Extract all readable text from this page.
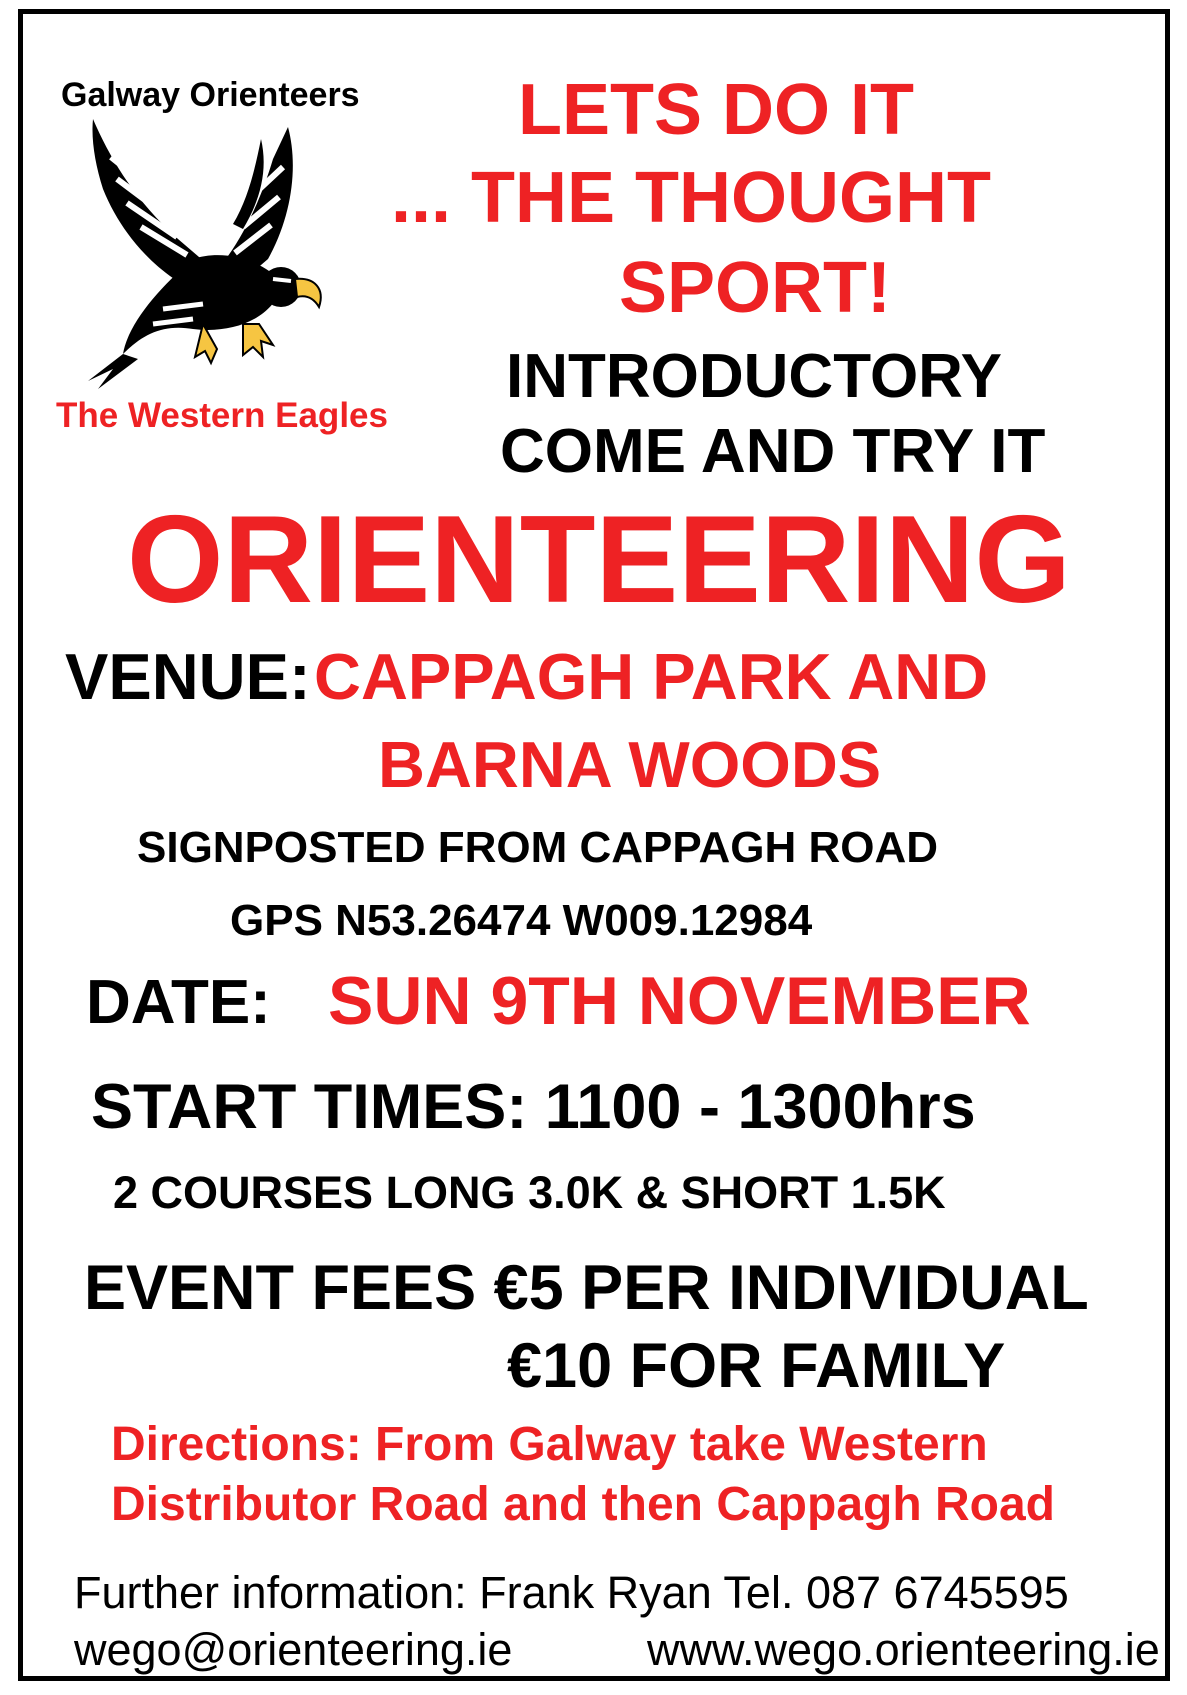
Galway Orienteers

The Western Eagles

LETS DO IT

... THE THOUGHT

SPORT!

INTRODUCTORY

COME AND TRY IT

ORIENTEERING

VENUE: CAPPAGH PARK AND

BARNA WOODS

SIGNPOSTED FROM CAPPAGH ROAD

GPS N53.26474 W009.12984

DATE: SUN 9TH NOVEMBER

START TIMES: 1100 - 1300hrs

2 COURSES LONG 3.0K & SHORT 1.5K

EVENT FEES €5 PER INDIVIDUAL

€10 FOR FAMILY

Directions: From Galway take Western

Distributor Road and then Cappagh Road

Further information: Frank Ryan Tel. 087 6745595

wego@orienteering.ie	www.wego.orienteering.ie
